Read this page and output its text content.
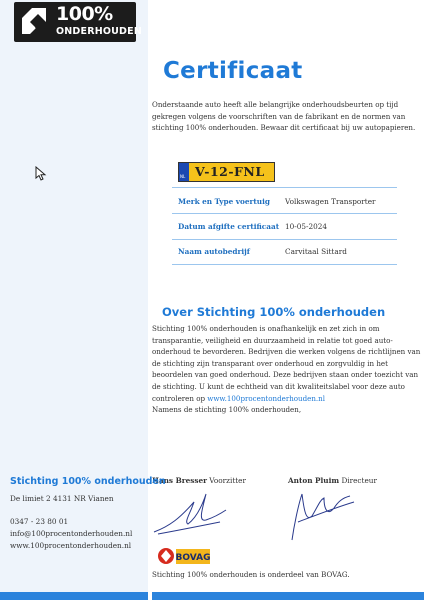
100%
ONDERHOUDEN
Certificaat
Onderstaande auto heeft alle belangrijke onderhoudsbeurten op tijd gekregen volgens de voorschriften van de fabrikant en de normen van stichting 100% onderhouden. Bewaar dit certificaat bij uw autopapieren.
NL V-12-FNL
Merk en Type voertuig Volkswagen Transporter
Datum afgifte certificaat 10-05-2024
Naam autobedrijf	Carvitaal Sittard
Over Stichting 100% onderhouden
Stichting 100% onderhouden is onafhankelijk en zet zich in om transparantie, veiligheid en duurzaamheid in relatie tot goed auto-onderhoud te bevorderen. Bedrijven die werken volgens de richtlijnen van de stichting zijn transparant over onderhoud en zorgvuldig in het beoordelen van goed onderhoud. Deze bedrijven staan onder toezicht van de stichting. U kunt de echtheid van dit kwaliteitslabel voor deze auto controleren op www.100procentonderhouden.nl
Namens de stichting 100% onderhouden,
Hans Bresser Voorzitter	Anton Pluim Directeur
BOVAG
Stichting 100% onderhouden is onderdeel van BOVAG.
Stichting 100% onderhouden
De limiet 2 4131 NR Vianen
0347 - 23 80 01
info@100procentonderhouden.nl
www.100procentonderhouden.nl
